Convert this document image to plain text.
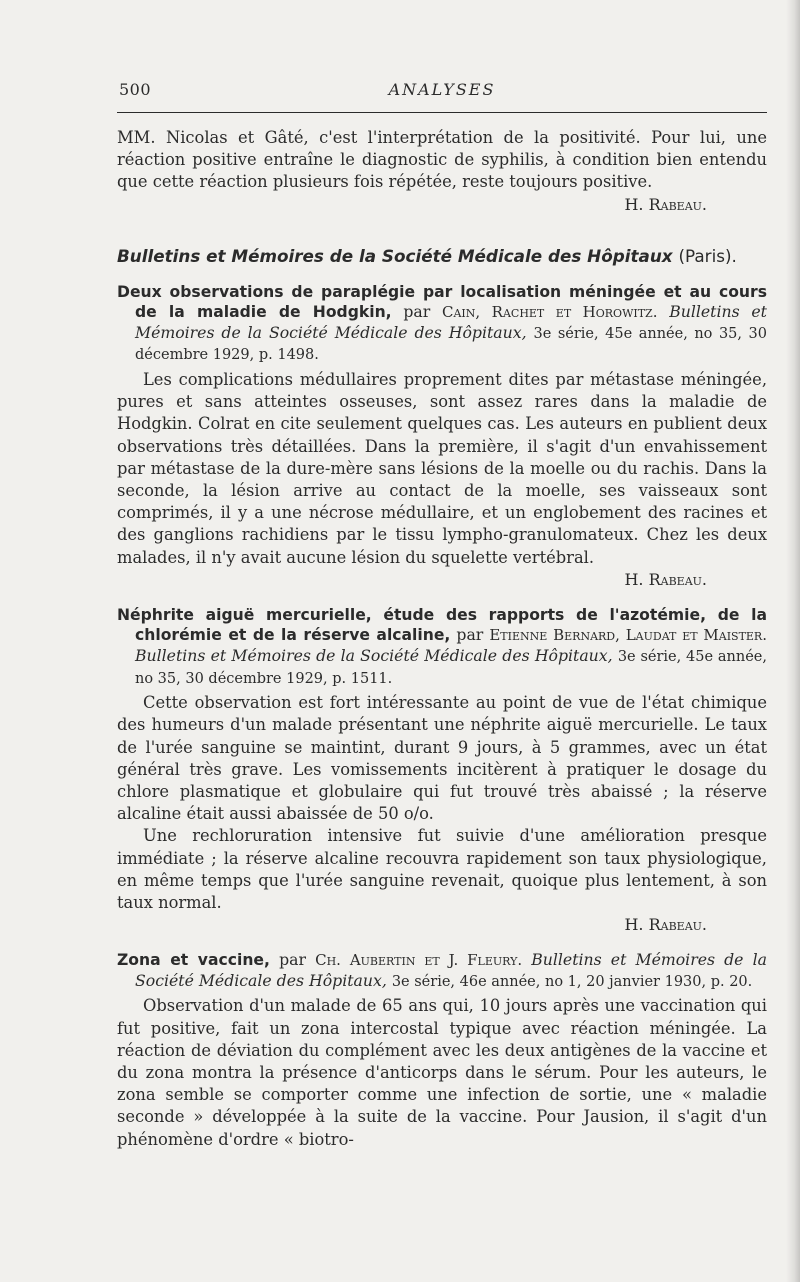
500	ANALYSES

MM. Nicolas et Gâté, c'est l'interprétation de la positivité. Pour lui, une réaction positive entraîne le diagnostic de syphilis, à condition bien entendu que cette réaction plusieurs fois répétée, reste toujours positive.

H. Rabeau.

Bulletins et Mémoires de la Société Médicale des Hôpitaux (Paris).

Deux observations de paraplégie par localisation méningée et au cours de la maladie de Hodgkin, par Cain, Rachet et Horowitz. Bulletins et Mémoires de la Société Médicale des Hôpitaux, 3e série, 45e année, no 35, 30 décembre 1929, p. 1498.

Les complications médullaires proprement dites par métastase méningée, pures et sans atteintes osseuses, sont assez rares dans la maladie de Hodgkin. Colrat en cite seulement quelques cas. Les auteurs en publient deux observations très détaillées. Dans la première, il s'agit d'un envahissement par métastase de la dure-mère sans lésions de la moelle ou du rachis. Dans la seconde, la lésion arrive au contact de la moelle, ses vaisseaux sont comprimés, il y a une nécrose médullaire, et un englobement des racines et des ganglions rachidiens par le tissu lympho-granulomateux. Chez les deux malades, il n'y avait aucune lésion du squelette vertébral.

H. Rabeau.

Néphrite aiguë mercurielle, étude des rapports de l'azotémie, de la chlorémie et de la réserve alcaline, par Etienne Bernard, Laudat et Maister. Bulletins et Mémoires de la Société Médicale des Hôpitaux, 3e série, 45e année, no 35, 30 décembre 1929, p. 1511.

Cette observation est fort intéressante au point de vue de l'état chimique des humeurs d'un malade présentant une néphrite aiguë mercurielle. Le taux de l'urée sanguine se maintint, durant 9 jours, à 5 grammes, avec un état général très grave. Les vomissements incitèrent à pratiquer le dosage du chlore plasmatique et globulaire qui fut trouvé très abaissé ; la réserve alcaline était aussi abaissée de 50 o/o.

Une rechloruration intensive fut suivie d'une amélioration presque immédiate ; la réserve alcaline recouvra rapidement son taux physiologique, en même temps que l'urée sanguine revenait, quoique plus lentement, à son taux normal.

H. Rabeau.

Zona et vaccine, par Ch. Aubertin et J. Fleury. Bulletins et Mémoires de la Société Médicale des Hôpitaux, 3e série, 46e année, no 1, 20 janvier 1930, p. 20.

Observation d'un malade de 65 ans qui, 10 jours après une vaccination qui fut positive, fait un zona intercostal typique avec réaction méningée. La réaction de déviation du complément avec les deux antigènes de la vaccine et du zona montra la présence d'anticorps dans le sérum. Pour les auteurs, le zona semble se comporter comme une infection de sortie, une « maladie seconde » développée à la suite de la vaccine. Pour Jausion, il s'agit d'un phénomène d'ordre « biotro-
